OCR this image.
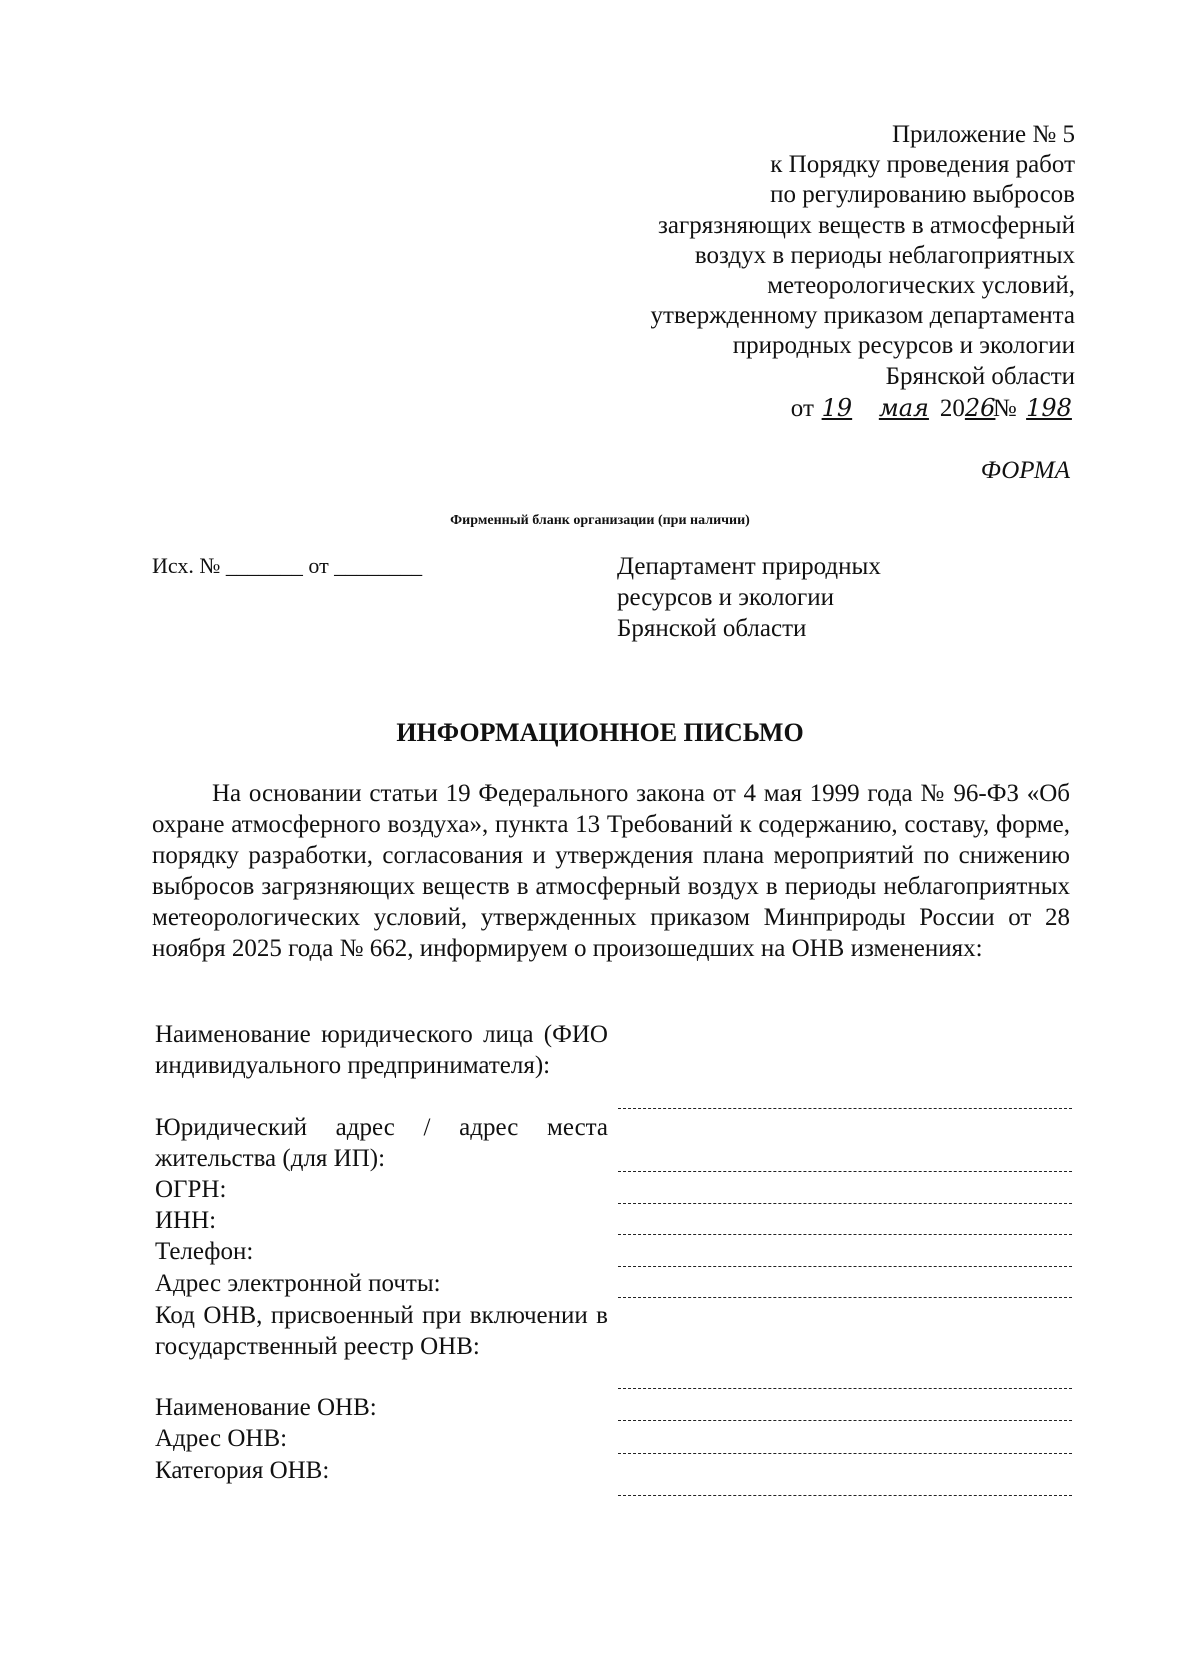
Приложение № 5
к Порядку проведения работ
по регулированию выбросов
загрязняющих веществ в атмосферный
воздух в периоды неблагоприятных
метеорологических условий,
утвержденному приказом департамента
природных ресурсов и экологии
Брянской области
от 19 мая 2026№ 198
ФОРМА
Фирменный бланк организации (при наличии)
Исх. № _______ от ________	Департамент природных
ресурсов и экологии
Брянской области
ИНФОРМАЦИОННОЕ ПИСЬМО
На основании статьи 19 Федерального закона от 4 мая 1999 года № 96-ФЗ «Об охране атмосферного воздуха», пункта 13 Требований к содержанию, составу, форме, порядку разработки, согласования и утверждения плана мероприятий по снижению выбросов загрязняющих веществ в атмосферный воздух в периоды неблагоприятных метеорологических условий, утвержденных приказом Минприроды России от 28 ноября 2025 года № 662, информируем о произошедших на ОНВ изменениях:
Наименование юридического лица (ФИО индивидуального предпринимателя):
Юридический адрес / адрес места жительства (для ИП):
ОГРН:
ИНН:
Телефон:
Адрес электронной почты:
Код ОНВ, присвоенный при включении в государственный реестр ОНВ:
Наименование ОНВ:
Адрес ОНВ:
Категория ОНВ:
